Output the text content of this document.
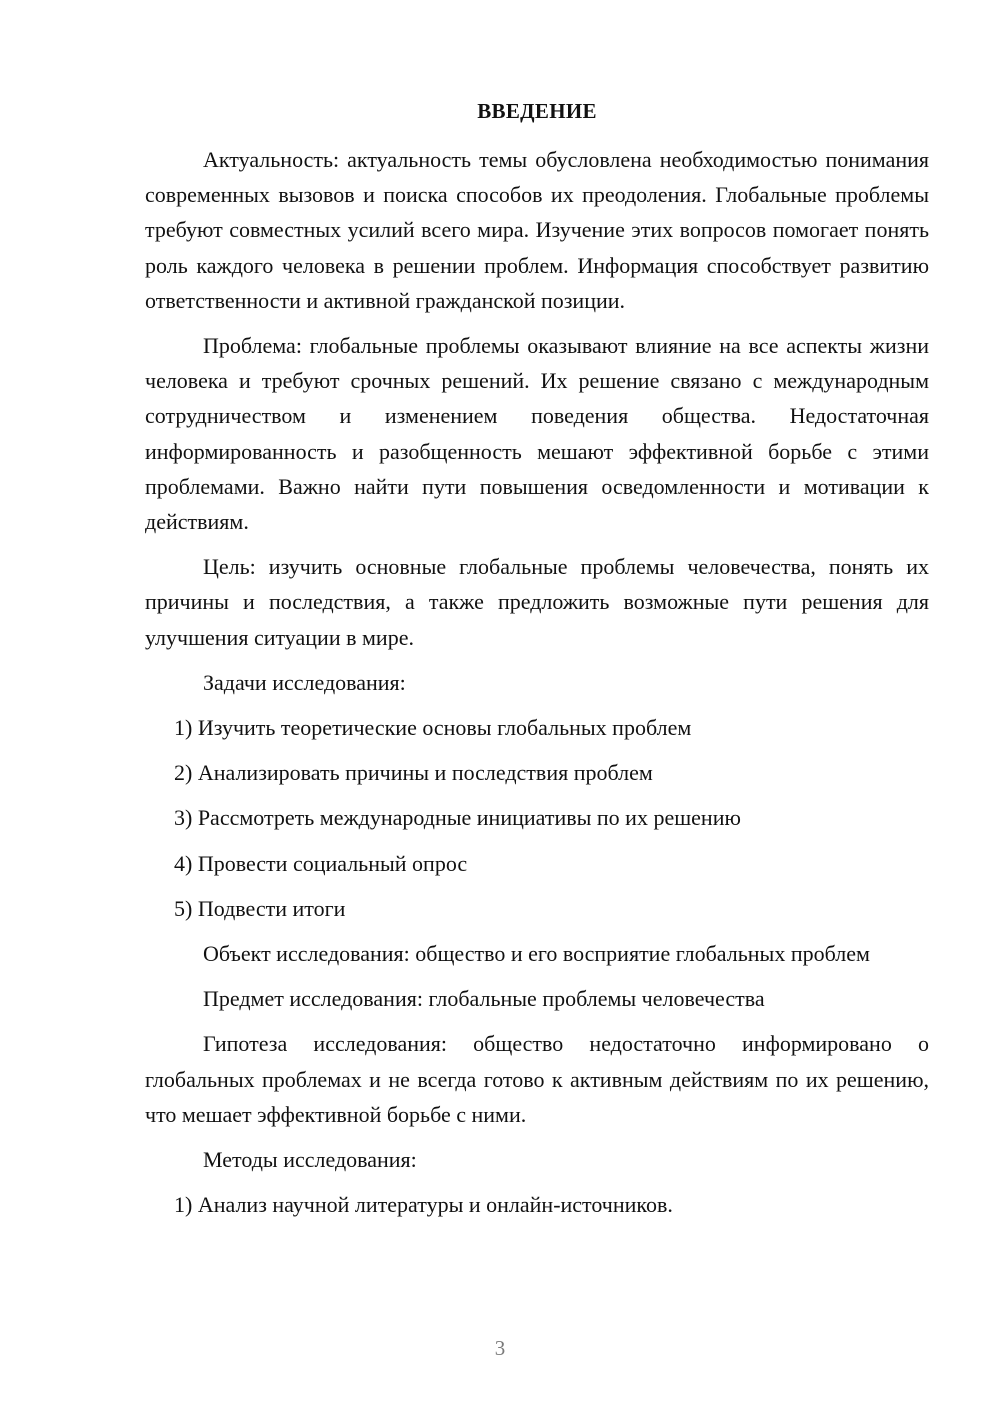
ВВЕДЕНИЕ

Актуальность: актуальность темы обусловлена необходимостью понимания современных вызовов и поиска способов их преодоления. Глобальные проблемы требуют совместных усилий всего мира. Изучение этих вопросов помогает понять роль каждого человека в решении проблем. Информация способствует развитию ответственности и активной гражданской позиции.

Проблема: глобальные проблемы оказывают влияние на все аспекты жизни человека и требуют срочных решений. Их решение связано с международным сотрудничеством и изменением поведения общества. Недостаточная информированность и разобщенность мешают эффективной борьбе с этими проблемами. Важно найти пути повышения осведомленности и мотивации к действиям.

Цель: изучить основные глобальные проблемы человечества, понять их причины и последствия, а также предложить возможные пути решения для улучшения ситуации в мире.

Задачи исследования:

1) Изучить теоретические основы глобальных проблем

2) Анализировать причины и последствия проблем

3) Рассмотреть международные инициативы по их решению

4) Провести социальный опрос

5) Подвести итоги

Объект исследования: общество и его восприятие глобальных проблем

Предмет исследования: глобальные проблемы человечества

Гипотеза исследования: общество недостаточно информировано о глобальных проблемах и не всегда готово к активным действиям по их решению, что мешает эффективной борьбе с ними.

Методы исследования:

1) Анализ научной литературы и онлайн-источников.

3
